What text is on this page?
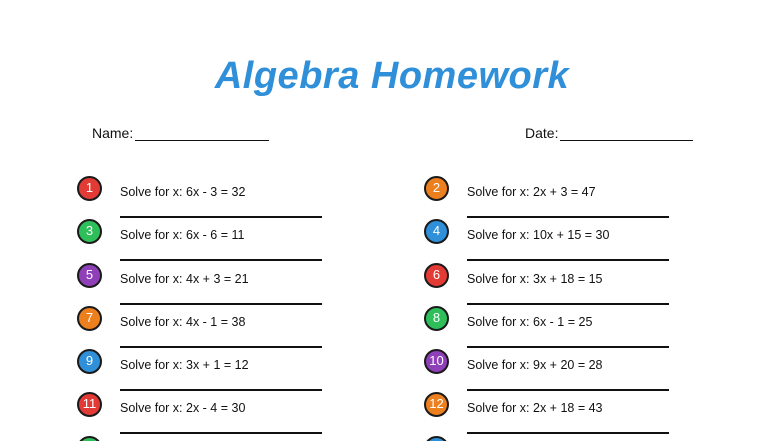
Algebra Homework
Name:	Date:
1	Solve for x: 6x - 3 = 32
3	Solve for x: 6x - 6 = 11
5	Solve for x: 4x + 3 = 21
7	Solve for x: 4x - 1 = 38
9	Solve for x: 3x + 1 = 12
11	Solve for x: 2x - 4 = 30
2	Solve for x: 2x + 3 = 47
4	Solve for x: 10x + 15 = 30
6	Solve for x: 3x + 18 = 15
8	Solve for x: 6x - 1 = 25
10	Solve for x: 9x + 20 = 28
12	Solve for x: 2x + 18 = 43
